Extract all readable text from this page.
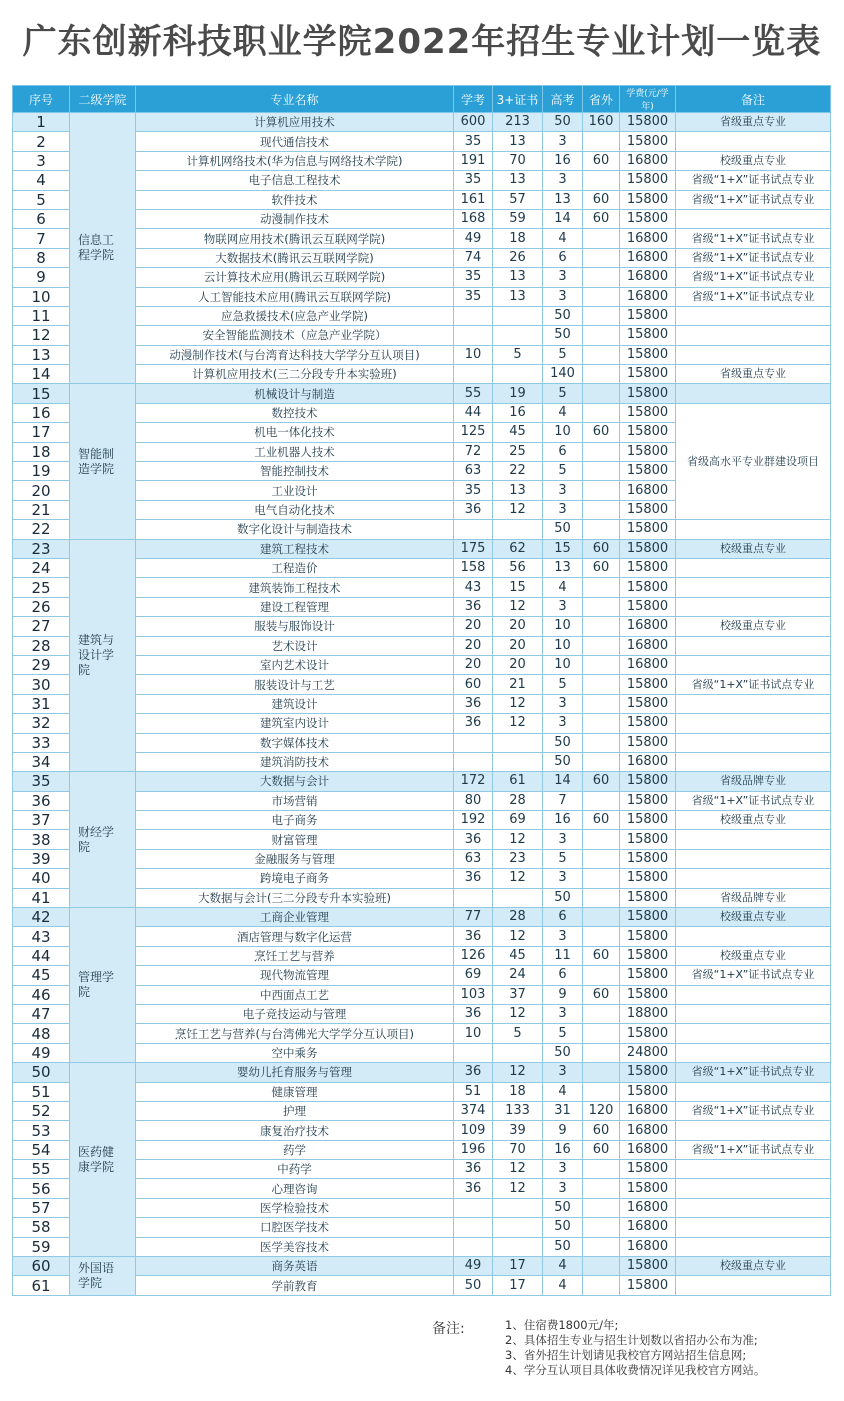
广东创新科技职业学院2022年招生专业计划一览表
序号	二级学院	专业名称	学考	3+证书	高考	省外	学费(元/学年)	备注
1	信息工程学院	计算机应用技术	600	213	50	160	15800	省级重点专业
2		现代通信技术	35	13	3		15800	
3		计算机网络技术(华为信息与网络技术学院)	191	70	16	60	16800	校级重点专业
4		电子信息工程技术	35	13	3		15800	省级“1+X”证书试点专业
5		软件技术	161	57	13	60	15800	省级“1+X”证书试点专业
6		动漫制作技术	168	59	14	60	15800	
7		物联网应用技术(腾讯云互联网学院)	49	18	4		16800	省级“1+X”证书试点专业
8		大数据技术(腾讯云互联网学院)	74	26	6		16800	省级“1+X”证书试点专业
9		云计算技术应用(腾讯云互联网学院)	35	13	3		16800	省级“1+X”证书试点专业
10		人工智能技术应用(腾讯云互联网学院)	35	13	3		16800	省级“1+X”证书试点专业
11		应急救援技术(应急产业学院)			50		15800	
12		安全智能监测技术（应急产业学院）			50		15800	
13		动漫制作技术(与台湾育达科技大学学分互认项目)	10	5	5		15800	
14		计算机应用技术(三二分段专升本实验班)			140		15800	省级重点专业
15	智能制造学院	机械设计与制造	55	19	5		15800	
16		数控技术	44	16	4		15800	省级高水平专业群建设项目
17		机电一体化技术	125	45	10	60	15800	
18		工业机器人技术	72	25	6		15800	
19		智能控制技术	63	22	5		15800	
20		工业设计	35	13	3		16800	
21		电气自动化技术	36	12	3		15800	
22		数字化设计与制造技术			50		15800	
23	建筑与设计学院	建筑工程技术	175	62	15	60	15800	校级重点专业
24		工程造价	158	56	13	60	15800	
25		建筑装饰工程技术	43	15	4		15800	
26		建设工程管理	36	12	3		15800	
27		服装与服饰设计	20	20	10		16800	校级重点专业
28		艺术设计	20	20	10		16800	
29		室内艺术设计	20	20	10		16800	
30		服装设计与工艺	60	21	5		15800	省级“1+X”证书试点专业
31		建筑设计	36	12	3		15800	
32		建筑室内设计	36	12	3		15800	
33		数字媒体技术			50		15800	
34		建筑消防技术			50		16800	
35	财经学院	大数据与会计	172	61	14	60	15800	省级品牌专业
36		市场营销	80	28	7		15800	省级“1+X”证书试点专业
37		电子商务	192	69	16	60	15800	校级重点专业
38		财富管理	36	12	3		15800	
39		金融服务与管理	63	23	5		15800	
40		跨境电子商务	36	12	3		15800	
41		大数据与会计(三二分段专升本实验班)			50		15800	省级品牌专业
42	管理学院	工商企业管理	77	28	6		15800	校级重点专业
43		酒店管理与数字化运营	36	12	3		15800	
44		烹饪工艺与营养	126	45	11	60	15800	校级重点专业
45		现代物流管理	69	24	6		15800	省级“1+X”证书试点专业
46		中西面点工艺	103	37	9	60	15800	
47		电子竞技运动与管理	36	12	3		18800	
48		烹饪工艺与营养(与台湾佛光大学学分互认项目)	10	5	5		15800	
49		空中乘务			50		24800	
50	医药健康学院	婴幼儿托育服务与管理	36	12	3		15800	省级“1+X”证书试点专业
51		健康管理	51	18	4		15800	
52		护理	374	133	31	120	16800	省级“1+X”证书试点专业
53		康复治疗技术	109	39	9	60	16800	
54		药学	196	70	16	60	16800	省级“1+X”证书试点专业
55		中药学	36	12	3		15800	
56		心理咨询	36	12	3		15800	
57		医学检验技术			50		16800	
58		口腔医学技术			50		16800	
59		医学美容技术			50		16800	
60	外国语学院	商务英语	49	17	4		15800	校级重点专业
61		学前教育	50	17	4		15800	
备注:	1、住宿费1800元/年;
2、具体招生专业与招生计划数以省招办公布为准;
3、省外招生计划请见我校官方网站招生信息网;
4、学分互认项目具体收费情况详见我校官方网站。
